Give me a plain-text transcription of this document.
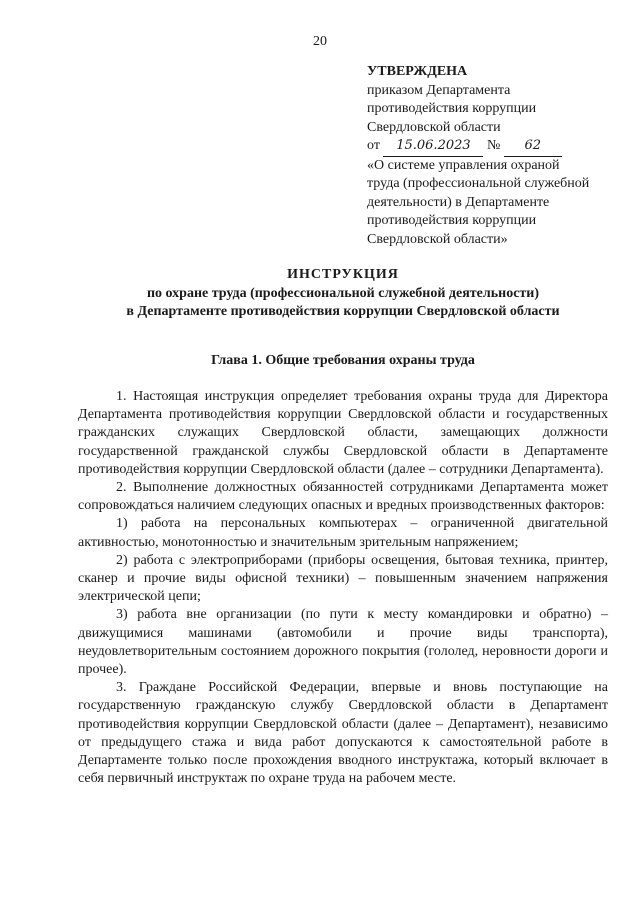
20
УТВЕРЖДЕНА
приказом Департамента
противодействия коррупции
Свердловской области
от 15.06.2023 № 62
«О системе управления охраной
труда (профессиональной служебной
деятельности) в Департаменте
противодействия коррупции
Свердловской области»
ИНСТРУКЦИЯ
по охране труда (профессиональной служебной деятельности)
в Департаменте противодействия коррупции Свердловской области
Глава 1. Общие требования охраны труда

1. Настоящая инструкция определяет требования охраны труда для Директора Департамента противодействия коррупции Свердловской области и государственных гражданских служащих Свердловской области, замещающих должности государственной гражданской службы Свердловской области в Департаменте противодействия коррупции Свердловской области (далее – сотрудники Департамента).

2. Выполнение должностных обязанностей сотрудниками Департамента может сопровождаться наличием следующих опасных и вредных производственных факторов:

1) работа на персональных компьютерах – ограниченной двигательной активностью, монотонностью и значительным зрительным напряжением;

2) работа с электроприборами (приборы освещения, бытовая техника, принтер, сканер и прочие виды офисной техники) – повышенным значением напряжения электрической цепи;

3) работа вне организации (по пути к месту командировки и обратно) – движущимися машинами (автомобили и прочие виды транспорта), неудовлетворительным состоянием дорожного покрытия (гололед, неровности дороги и прочее).

3. Граждане Российской Федерации, впервые и вновь поступающие на государственную гражданскую службу Свердловской области в Департамент противодействия коррупции Свердловской области (далее – Департамент), независимо от предыдущего стажа и вида работ допускаются к самостоятельной работе в Департаменте только после прохождения вводного инструктажа, который включает в себя первичный инструктаж по охране труда на рабочем месте.
